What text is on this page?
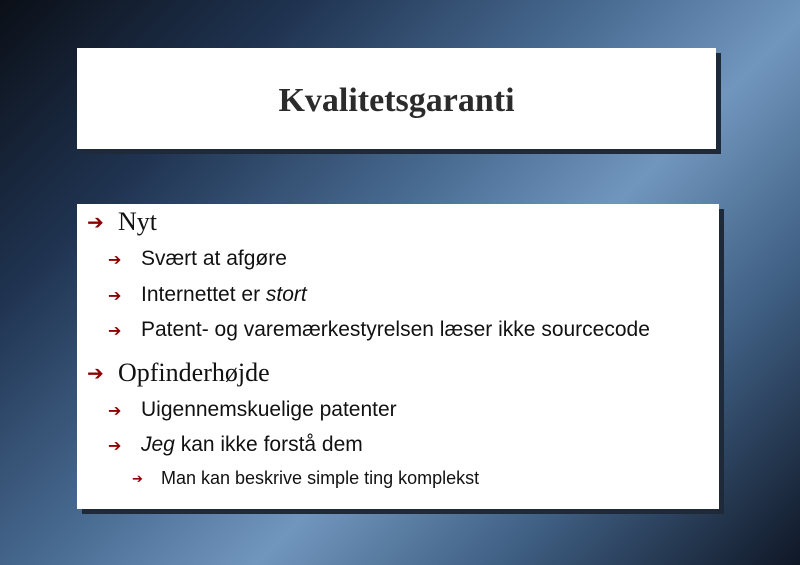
Kvalitetsgaranti
➔ Nyt
➔ Svært at afgøre
➔ Internettet er stort
➔ Patent- og varemærkestyrelsen læser ikke sourcecode
➔ Opfinderhøjde
➔ Uigennemskuelige patenter
➔ Jeg kan ikke forstå dem
➔ Man kan beskrive simple ting komplekst
